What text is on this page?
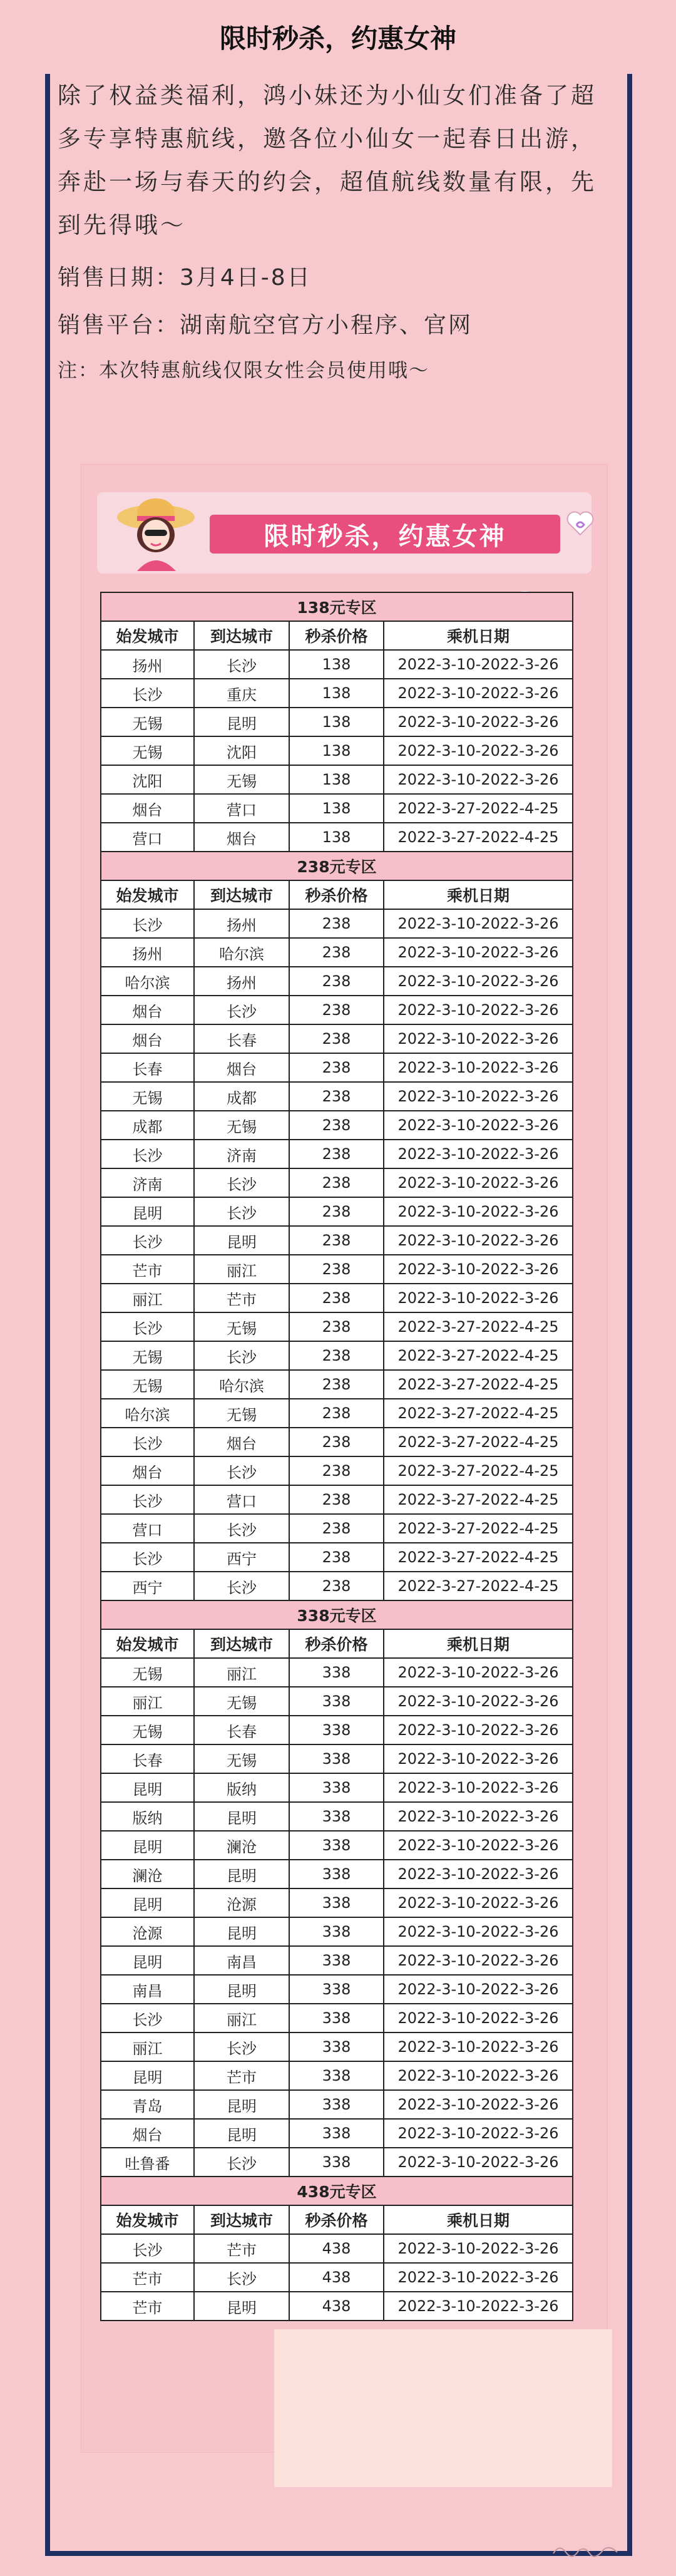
限时秒杀，约惠女神

除了权益类福利，鸿小妹还为小仙女们准备了超多专享特惠航线，邀各位小仙女一起春日出游，奔赴一场与春天的约会，超值航线数量有限，先到先得哦～

销售日期：3月4日-8日

销售平台：湖南航空官方小程序、官网

注：本次特惠航线仅限女性会员使用哦～

限时秒杀，约惠女神
138元专区			
始发城市	到达城市	秒杀价格	乘机日期
扬州	长沙	138	2022-3-10-2022-3-26
长沙	重庆	138	2022-3-10-2022-3-26
无锡	昆明	138	2022-3-10-2022-3-26
无锡	沈阳	138	2022-3-10-2022-3-26
沈阳	无锡	138	2022-3-10-2022-3-26
烟台	营口	138	2022-3-27-2022-4-25
营口	烟台	138	2022-3-27-2022-4-25
238元专区			
始发城市	到达城市	秒杀价格	乘机日期
长沙	扬州	238	2022-3-10-2022-3-26
扬州	哈尔滨	238	2022-3-10-2022-3-26
哈尔滨	扬州	238	2022-3-10-2022-3-26
烟台	长沙	238	2022-3-10-2022-3-26
烟台	长春	238	2022-3-10-2022-3-26
长春	烟台	238	2022-3-10-2022-3-26
无锡	成都	238	2022-3-10-2022-3-26
成都	无锡	238	2022-3-10-2022-3-26
长沙	济南	238	2022-3-10-2022-3-26
济南	长沙	238	2022-3-10-2022-3-26
昆明	长沙	238	2022-3-10-2022-3-26
长沙	昆明	238	2022-3-10-2022-3-26
芒市	丽江	238	2022-3-10-2022-3-26
丽江	芒市	238	2022-3-10-2022-3-26
长沙	无锡	238	2022-3-27-2022-4-25
无锡	长沙	238	2022-3-27-2022-4-25
无锡	哈尔滨	238	2022-3-27-2022-4-25
哈尔滨	无锡	238	2022-3-27-2022-4-25
长沙	烟台	238	2022-3-27-2022-4-25
烟台	长沙	238	2022-3-27-2022-4-25
长沙	营口	238	2022-3-27-2022-4-25
营口	长沙	238	2022-3-27-2022-4-25
长沙	西宁	238	2022-3-27-2022-4-25
西宁	长沙	238	2022-3-27-2022-4-25
338元专区			
始发城市	到达城市	秒杀价格	乘机日期
无锡	丽江	338	2022-3-10-2022-3-26
丽江	无锡	338	2022-3-10-2022-3-26
无锡	长春	338	2022-3-10-2022-3-26
长春	无锡	338	2022-3-10-2022-3-26
昆明	版纳	338	2022-3-10-2022-3-26
版纳	昆明	338	2022-3-10-2022-3-26
昆明	澜沧	338	2022-3-10-2022-3-26
澜沧	昆明	338	2022-3-10-2022-3-26
昆明	沧源	338	2022-3-10-2022-3-26
沧源	昆明	338	2022-3-10-2022-3-26
昆明	南昌	338	2022-3-10-2022-3-26
南昌	昆明	338	2022-3-10-2022-3-26
长沙	丽江	338	2022-3-10-2022-3-26
丽江	长沙	338	2022-3-10-2022-3-26
昆明	芒市	338	2022-3-10-2022-3-26
青岛	昆明	338	2022-3-10-2022-3-26
烟台	昆明	338	2022-3-10-2022-3-26
吐鲁番	长沙	338	2022-3-10-2022-3-26
438元专区			
始发城市	到达城市	秒杀价格	乘机日期
长沙	芒市	438	2022-3-10-2022-3-26
芒市	长沙	438	2022-3-10-2022-3-26
芒市	昆明	438	2022-3-10-2022-3-26
